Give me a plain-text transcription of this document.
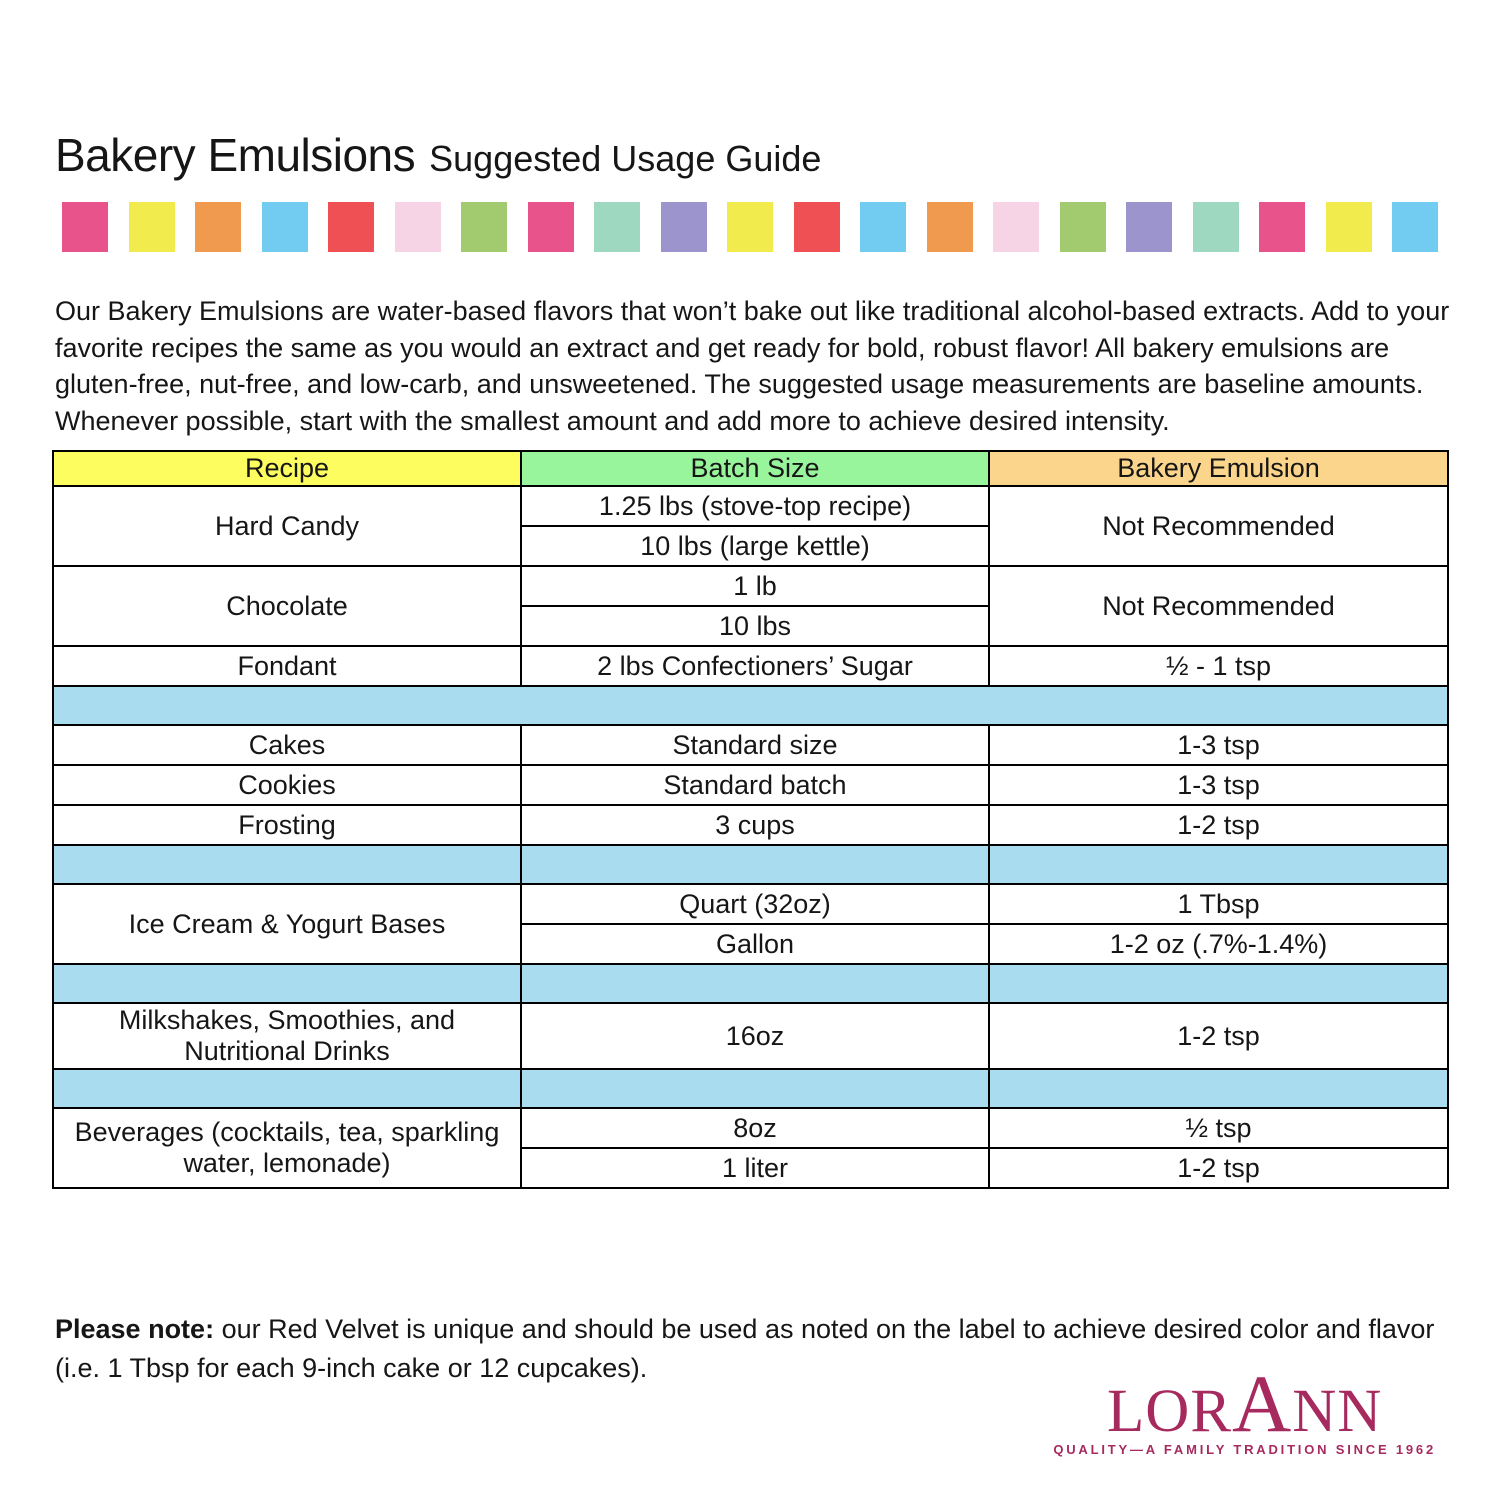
Bakery Emulsions Suggested Usage Guide

Our Bakery Emulsions are water-based flavors that won’t bake out like traditional alcohol-based extracts. Add to your favorite recipes the same as you would an extract and get ready for bold, robust flavor! All bakery emulsions are gluten-free, nut-free, and low-carb, and unsweetened. The suggested usage measurements are baseline amounts. Whenever possible, start with the smallest amount and add more to achieve desired intensity.

Recipe	Batch Size	Bakery Emulsion
Hard Candy	1.25 lbs (stove-top recipe)	Not Recommended
	10 lbs (large kettle)	
Chocolate	1 lb	Not Recommended
	10 lbs	
Fondant	2 lbs Confectioners’ Sugar	½ - 1 tsp

Cakes	Standard size	1-3 tsp
Cookies	Standard batch	1-3 tsp
Frosting	3 cups	1-2 tsp

Ice Cream & Yogurt Bases	Quart (32oz)	1 Tbsp
	Gallon	1-2 oz (.7%-1.4%)

Milkshakes, Smoothies, and Nutritional Drinks	16oz	1-2 tsp

Beverages (cocktails, tea, sparkling water, lemonade)	8oz	½ tsp
	1 liter	1-2 tsp

Please note: our Red Velvet is unique and should be used as noted on the label to achieve desired color and flavor (i.e. 1 Tbsp for each 9-inch cake or 12 cupcakes).

LORANN
QUALITY—A FAMILY TRADITION SINCE 1962
